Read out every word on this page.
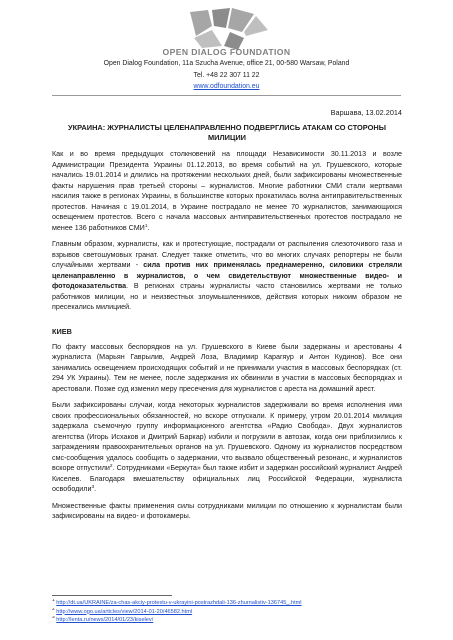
OPEN DIALOG FOUNDATION
Open Dialog Foundation, 11a Szucha Avenue, office 21, 00-580 Warsaw, Poland
Tel. +48 22 307 11 22
www.odfoundation.eu
Варшава, 13.02.2014
УКРАИНА: ЖУРНАЛИСТЫ ЦЕЛЕНАПРАВЛЕННО ПОДВЕРГЛИСЬ АТАКАМ СО СТОРОНЫ
МИЛИЦИИ

Как и во время предыдущих столкновений на площади Независимости 30.11.2013 и возле Администрации Президента Украины 01.12.2013, во время событий на ул. Грушевского, которые начались 19.01.2014 и длились на протяжении нескольких дней, были зафиксированы множественные факты нарушения прав третьей стороны – журналистов. Многие работники СМИ стали жертвами насилия также в регионах Украины, в большинстве которых прокатилась волна антиправительственных протестов. Начиная с 19.01.2014, в Украине пострадало не менее 70 журналистов, занимающихся освещением протестов. Всего с начала массовых антиправительственных протестов пострадало не менее 136 работников СМИ$^1$.

Главным образом, журналисты, как и протестующие, пострадали от распыления слезоточивого газа и взрывов светошумовых гранат. Следует также отметить, что во многих случаях репортеры не были случайными жертвами - сила против них применялась преднамеренно, силовики стреляли целенаправленно в журналистов, о чем свидетельствуют множественные видео- и фотодоказательства. В регионах страны журналисты часто становились жертвами не только работников милиции, но и неизвестных злоумышленников, действия которых никоим образом не пресекались милицией.

КИЕВ

По факту массовых беспорядков на ул. Грушевского в Киеве были задержаны и арестованы 4 журналиста (Марьян Гаврылив, Андрей Лоза, Владимир Карагяур и Антон Кудинов). Все они занимались освещением происходящих событий и не принимали участия в массовых беспорядках (ст. 294 УК Украины). Тем не менее, после задержания их обвинили в участии в массовых беспорядках и арестовали. Позже суд изменил меру пресечения для журналистов с ареста на домашний арест.

Были зафиксированы случаи, когда некоторых журналистов задерживали во время исполнения ими своих профессиональных обязанностей, но вскоре отпускали. К примеру, утром 20.01.2014 милиция задержала съемочную группу информационного агентства «Радио Свобода». Двух журналистов агентства (Игорь Исхаков и Дмитрий Баркар) избили и погрузили в автозак, когда они приблизились к заграждениям правоохранительных органов на ул. Грушевского. Одному из журналистов посредством смс-сообщения удалось сообщить о задержании, что вызвало общественный резонанс, и журналистов вскоре отпустили$^2$. Сотрудниками «Беркута» был также избит и задержан российский журналист Андрей Киселев. Благодаря вмешательству официальных лиц Российской Федерации, журналиста освободили$^3$.

Множественные факты применения силы сотрудниками милиции по отношению к журналистам были зафиксированы на видео- и фотокамеры.

$^1$ http://dt.ua/UKRAINE/za-chas-akciy-protestu-v-ukrayini-postrazhdali-136-zhurnalistiv-136745_.html
$^2$ http://www.ogo.ua/articles/view/2014-01-20/46582.html
$^3$ http://lenta.ru/news/2014/01/23/kiselev/
